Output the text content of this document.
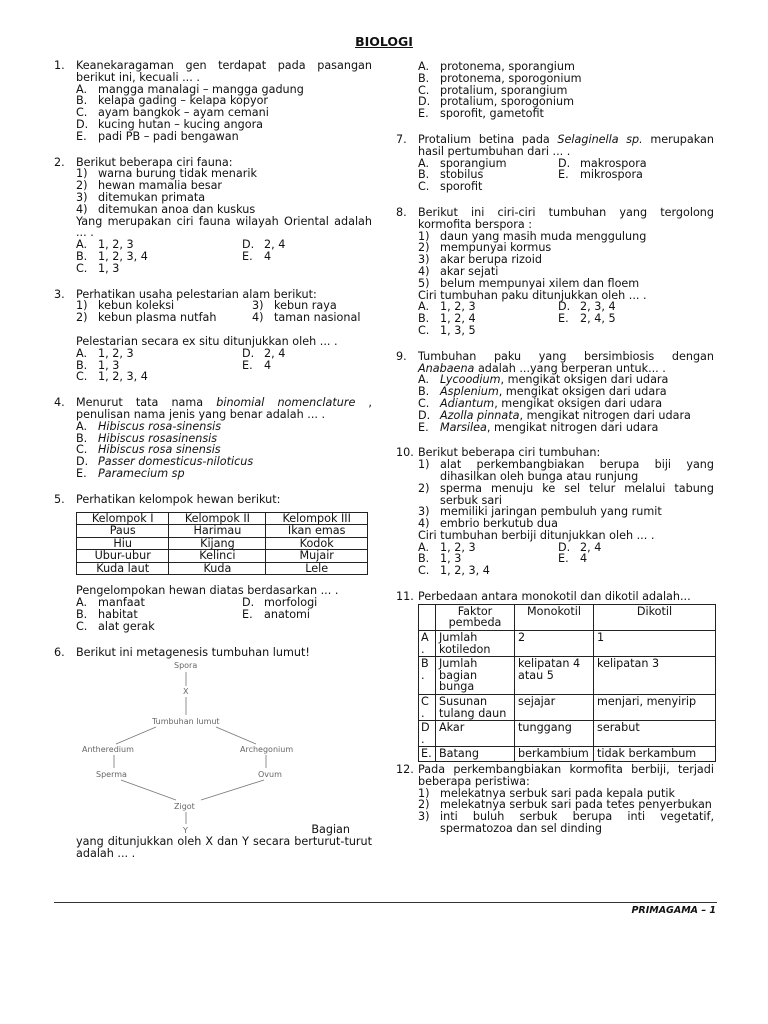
BIOLOGI
1. Keanekaragaman gen terdapat pada pasangan berikut ini, kecuali ... .
A. mangga manalagi – mangga gadung
B. kelapa gading – kelapa kopyor
C. ayam bangkok – ayam cemani
D. kucing hutan – kucing angora
E. padi PB – padi bengawan
2. Berikut beberapa ciri fauna:
1) warna burung tidak menarik
2) hewan mamalia besar
3) ditemukan primata
4) ditemukan anoa dan kuskus
Yang merupakan ciri fauna wilayah Oriental adalah ... .
A. 1, 2, 3	D. 2, 4
B. 1, 2, 3, 4	E. 4
C. 1, 3
3. Perhatikan usaha pelestarian alam berikut:
1) kebun koleksi	3) kebun raya
2) kebun plasma nutfah	4) taman nasional
Pelestarian secara ex situ ditunjukkan oleh ... .
A. 1, 2, 3	D. 2, 4
B. 1, 3	E. 4
C. 1, 2, 3, 4
4. Menurut tata nama binomial nomenclature , penulisan nama jenis yang benar adalah ... .
A. Hibiscus rosa-sinensis
B. Hibiscus rosasinensis
C. Hibiscus rosa sinensis
D. Passer domesticus-niloticus
E. Paramecium sp
5. Perhatikan kelompok hewan berikut:
Kelompok I	Kelompok II	Kelompok III
Paus	Harimau	Ikan emas
Hiu	Kijang	Kodok
Ubur-ubur	Kelinci	Mujair
Kuda laut	Kuda	Lele
Pengelompokan hewan diatas berdasarkan ... .
A. manfaat	D. morfologi
B. habitat	E. anatomi
C. alat gerak
6. Berikut ini metagenesis tumbuhan lumut!
Spora
X
Tumbuhan lumut
Antheredium	Archegonium
Sperma	Ovum
Zigot
Y	Bagian
yang ditunjukkan oleh X dan Y secara berturut-turut adalah ... .
A. protonema, sporangium
B. protonema, sporogonium
C. protalium, sporangium
D. protalium, sporogonium
E. sporofit, gametofit
7. Protalium betina pada Selaginella sp. merupakan hasil pertumbuhan dari ... .
A. sporangium	D. makrospora
B. stobilus	E. mikrospora
C. sporofit
8. Berikut ini ciri-ciri tumbuhan yang tergolong kormofita berspora :
1) daun yang masih muda menggulung
2) mempunyai kormus
3) akar berupa rizoid
4) akar sejati
5) belum mempunyai xilem dan floem
Ciri tumbuhan paku ditunjukkan oleh ... .
A. 1, 2, 3	D. 2, 3, 4
B. 1, 2, 4	E. 2, 4, 5
C. 1, 3, 5
9. Tumbuhan paku yang bersimbiosis dengan Anabaena adalah ...yang berperan untuk... .
A. Lycoodium, mengikat oksigen dari udara
B. Asplenium, mengikat oksigen dari udara
C. Adiantum, mengikat oksigen dari udara
D. Azolla pinnata, mengikat nitrogen dari udara
E. Marsilea, mengikat nitrogen dari udara
10. Berikut beberapa ciri tumbuhan:
1) alat perkembangbiakan berupa biji yang dihasilkan oleh bunga atau runjung
2) sperma menuju ke sel telur melalui tabung serbuk sari
3) memiliki jaringan pembuluh yang rumit
4) embrio berkutub dua
Ciri tumbuhan berbiji ditunjukkan oleh ... .
A. 1, 2, 3	D. 2, 4
B. 1, 3	E. 4
C. 1, 2, 3, 4
11. Perbedaan antara monokotil dan dikotil adalah...
	Faktor pembeda	Monokotil	Dikotil
A .	Jumlah kotiledon	2	1
B .	Jumlah bagian bunga	kelipatan 4 atau 5	kelipatan 3
C .	Susunan tulang daun	sejajar	menjari, menyirip
D .	Akar	tunggang	serabut
E.	Batang	berkambium	tidak berkambum
12. Pada perkembangbiakan kormofita berbiji, terjadi beberapa peristiwa:
1) melekatnya serbuk sari pada kepala putik
2) melekatnya serbuk sari pada tetes penyerbukan
3) inti buluh serbuk berupa inti vegetatif, spermatozoa dan sel dinding
PRIMAGAMA – 1
